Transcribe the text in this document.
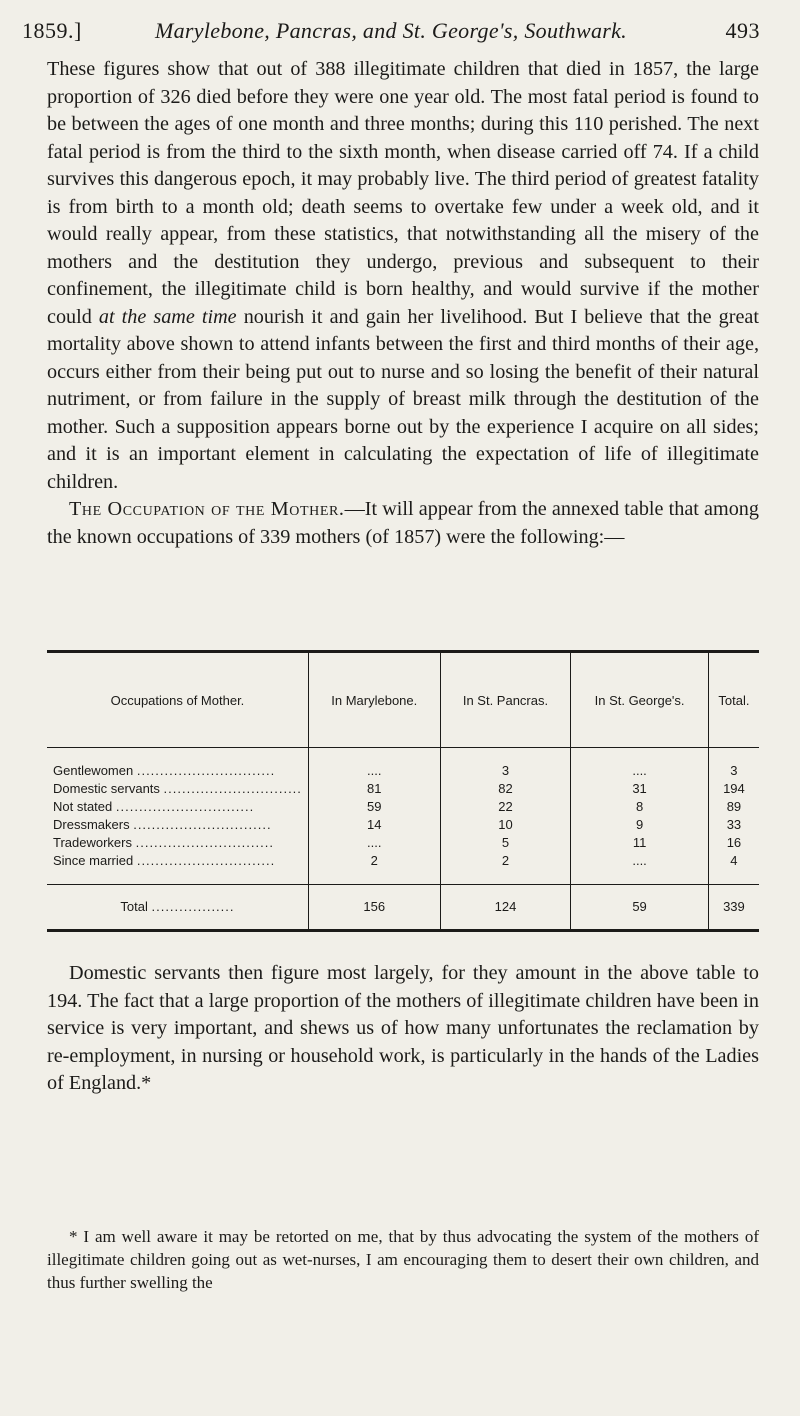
1859.]	Marylebone, Pancras, and St. George's, Southwark.	493

These figures show that out of 388 illegitimate children that died in 1857, the large proportion of 326 died before they were one year old. The most fatal period is found to be between the ages of one month and three months; during this 110 perished. The next fatal period is from the third to the sixth month, when disease carried off 74. If a child survives this dangerous epoch, it may probably live. The third period of greatest fatality is from birth to a month old; death seems to overtake few under a week old, and it would really appear, from these statistics, that notwithstanding all the misery of the mothers and the destitution they undergo, previous and subsequent to their confinement, the illegitimate child is born healthy, and would survive if the mother could at the same time nourish it and gain her livelihood. But I believe that the great mortality above shown to attend infants between the first and third months of their age, occurs either from their being put out to nurse and so losing the benefit of their natural nutriment, or from failure in the supply of breast milk through the destitution of the mother. Such a supposition appears borne out by the experience I acquire on all sides; and it is an important element in calculating the expectation of life of illegitimate children.

The Occupation of the Mother.—It will appear from the annexed table that among the known occupations of 339 mothers (of 1857) were the following:—

Occupations of Mother.	In Marylebone.	In St. Pancras.	In St. George's.	Total.
Gentlewomen ..............................	....	3	....	3
Domestic servants ..............................	81	82	31	194
Not stated ..............................	59	22	8	89
Dressmakers ..............................	14	10	9	33
Tradeworkers ..............................	....	5	11	16
Since married ..............................	2	2	....	4
Total ..................	156	124	59	339

Domestic servants then figure most largely, for they amount in the above table to 194. The fact that a large proportion of the mothers of illegitimate children have been in service is very important, and shews us of how many unfortunates the reclamation by re-employment, in nursing or household work, is particularly in the hands of the Ladies of England.*

* I am well aware it may be retorted on me, that by thus advocating the system of the mothers of illegitimate children going out as wet-nurses, I am encouraging them to desert their own children, and thus further swelling the
